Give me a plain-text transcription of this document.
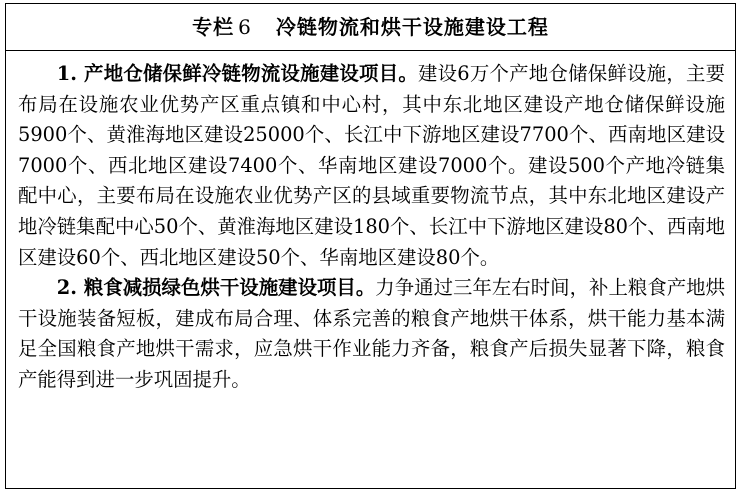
专栏 6 冷链物流和烘干设施建设工程

1. 产地仓储保鲜冷链物流设施建设项目。建设6万个产地仓储保鲜设施，主要布局在设施农业优势产区重点镇和中心村，其中东北地区建设产地仓储保鲜设施5900个、黄淮海地区建设25000个、长江中下游地区建设7700个、西南地区建设7000个、西北地区建设7400个、华南地区建设7000个。建设500个产地冷链集配中心，主要布局在设施农业优势产区的县域重要物流节点，其中东北地区建设产地冷链集配中心50个、黄淮海地区建设180个、长江中下游地区建设80个、西南地区建设60个、西北地区建设50个、华南地区建设80个。

2. 粮食减损绿色烘干设施建设项目。力争通过三年左右时间，补上粮食产地烘干设施装备短板，建成布局合理、体系完善的粮食产地烘干体系，烘干能力基本满足全国粮食产地烘干需求，应急烘干作业能力齐备，粮食产后损失显著下降，粮食产能得到进一步巩固提升。
